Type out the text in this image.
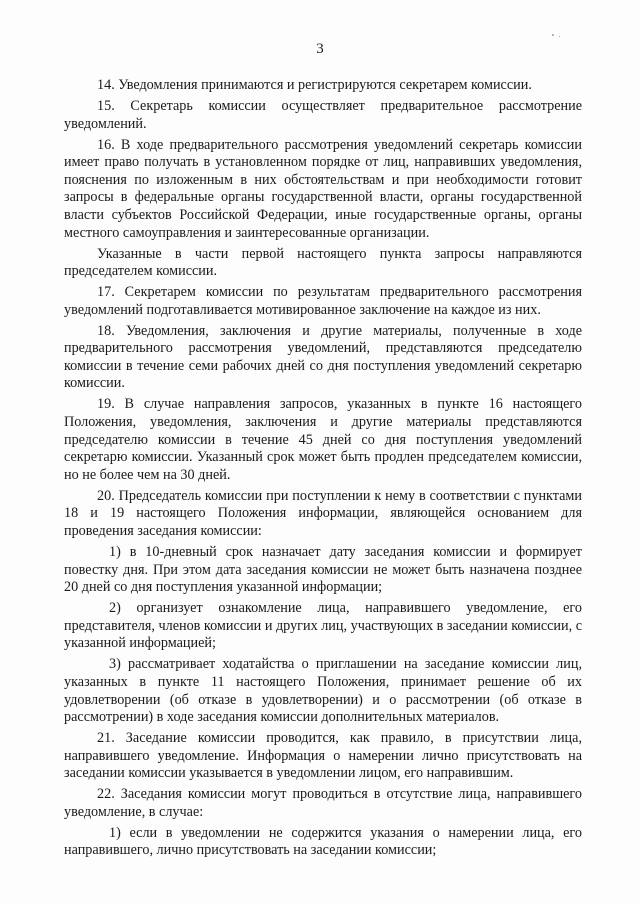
3

14. Уведомления принимаются и регистрируются секретарем комиссии.

15. Секретарь комиссии осуществляет предварительное рассмотрение уведомлений.

16. В ходе предварительного рассмотрения уведомлений секретарь комиссии имеет право получать в установленном порядке от лиц, направивших уведомления, пояснения по изложенным в них обстоятельствам и при необходимости готовит запросы в федеральные органы государственной власти, органы государственной власти субъектов Российской Федерации, иные государственные органы, органы местного самоуправления и заинтересованные организации.

Указанные в части первой настоящего пункта запросы направляются председателем комиссии.

17. Секретарем комиссии по результатам предварительного рассмотрения уведомлений подготавливается мотивированное заключение на каждое из них.

18. Уведомления, заключения и другие материалы, полученные в ходе предварительного рассмотрения уведомлений, представляются председателю комиссии в течение семи рабочих дней со дня поступления уведомлений секретарю комиссии.

19. В случае направления запросов, указанных в пункте 16 настоящего Положения, уведомления, заключения и другие материалы представляются председателю комиссии в течение 45 дней со дня поступления уведомлений секретарю комиссии. Указанный срок может быть продлен председателем комиссии, но не более чем на 30 дней.

20. Председатель комиссии при поступлении к нему в соответствии с пунктами 18 и 19 настоящего Положения информации, являющейся основанием для проведения заседания комиссии:

1) в 10-дневный срок назначает дату заседания комиссии и формирует повестку дня. При этом дата заседания комиссии не может быть назначена позднее 20 дней со дня поступления указанной информации;

2) организует ознакомление лица, направившего уведомление, его представителя, членов комиссии и других лиц, участвующих в заседании комиссии, с указанной информацией;

3) рассматривает ходатайства о приглашении на заседание комиссии лиц, указанных в пункте 11 настоящего Положения, принимает решение об их удовлетворении (об отказе в удовлетворении) и о рассмотрении (об отказе в рассмотрении) в ходе заседания комиссии дополнительных материалов.

21. Заседание комиссии проводится, как правило, в присутствии лица, направившего уведомление. Информация о намерении лично присутствовать на заседании комиссии указывается в уведомлении лицом, его направившим.

22. Заседания комиссии могут проводиться в отсутствие лица, направившего уведомление, в случае:

1) если в уведомлении не содержится указания о намерении лица, его направившего, лично присутствовать на заседании комиссии;
